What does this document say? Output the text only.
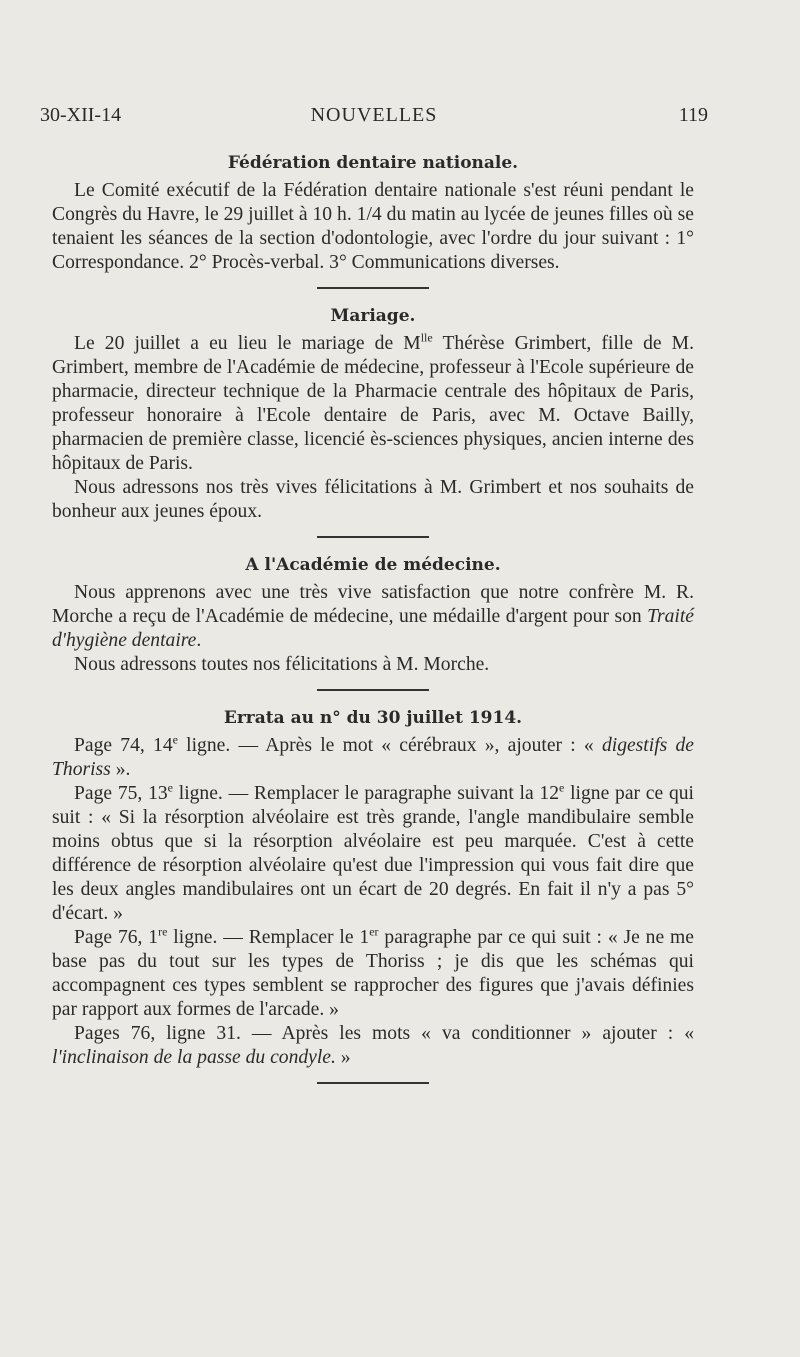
30-XII-14	NOUVELLES	119
Fédération dentaire nationale.

Le Comité exécutif de la Fédération dentaire nationale s'est réuni pendant le Congrès du Havre, le 29 juillet à 10 h. 1/4 du matin au lycée de jeunes filles où se tenaient les séances de la section d'odontologie, avec l'ordre du jour suivant : 1° Correspondance. 2° Procès-verbal. 3° Communications diverses.

Mariage.

Le 20 juillet a eu lieu le mariage de $M^{lle}$ Thérèse Grimbert, fille de M. Grimbert, membre de l'Académie de médecine, professeur à l'Ecole supérieure de pharmacie, directeur technique de la Pharmacie centrale des hôpitaux de Paris, professeur honoraire à l'Ecole dentaire de Paris, avec M. Octave Bailly, pharmacien de première classe, licencié ès-sciences physiques, ancien interne des hôpitaux de Paris.

Nous adressons nos très vives félicitations à M. Grimbert et nos souhaits de bonheur aux jeunes époux.

A l'Académie de médecine.

Nous apprenons avec une très vive satisfaction que notre confrère M. R. Morche a reçu de l'Académie de médecine, une médaille d'argent pour son Traité d'hygiène dentaire.

Nous adressons toutes nos félicitations à M. Morche.

Errata au n° du 30 juillet 1914.

Page 74, 14e ligne. — Après le mot « cérébraux », ajouter : « digestifs de Thoriss ».

Page 75, 13e ligne. — Remplacer le paragraphe suivant la 12e ligne par ce qui suit : « Si la résorption alvéolaire est très grande, l'angle mandibulaire semble moins obtus que si la résorption alvéolaire est peu marquée. C'est à cette différence de résorption alvéolaire qu'est due l'impression qui vous fait dire que les deux angles mandibulaires ont un écart de 20 degrés. En fait il n'y a pas 5° d'écart. »

Page 76, 1re ligne. — Remplacer le 1er paragraphe par ce qui suit : « Je ne me base pas du tout sur les types de Thoriss ; je dis que les schémas qui accompagnent ces types semblent se rapprocher des figures que j'avais définies par rapport aux formes de l'arcade. »

Pages 76, ligne 31. — Après les mots « va conditionner » ajouter : « l'inclinaison de la passe du condyle. »
